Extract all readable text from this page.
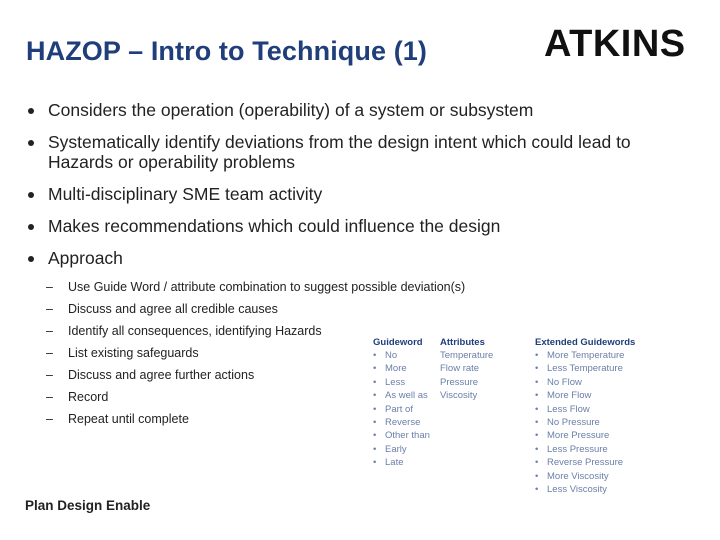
HAZOP – Intro to Technique (1)	ATKINS
Considers the operation (operability) of a system or subsystem
Systematically identify deviations from the design intent which could lead to Hazards or operability problems
Multi-disciplinary SME team activity
Makes recommendations which could influence the design
Approach
– Use Guide Word / attribute combination to suggest possible deviation(s)
– Discuss and agree all credible causes
– Identify all consequences, identifying Hazards
– List existing safeguards
– Discuss and agree further actions
– Record
– Repeat until complete
Guideword
• No
• More
• Less
• As well as
• Part of
• Reverse
• Other than
• Early
• Late
Attributes
Temperature
Flow rate
Pressure
Viscosity
Extended Guidewords
• More Temperature
• Less Temperature
• No Flow
• More Flow
• Less Flow
• No Pressure
• More Pressure
• Less Pressure
• Reverse Pressure
• More Viscosity
• Less Viscosity
Plan Design Enable
